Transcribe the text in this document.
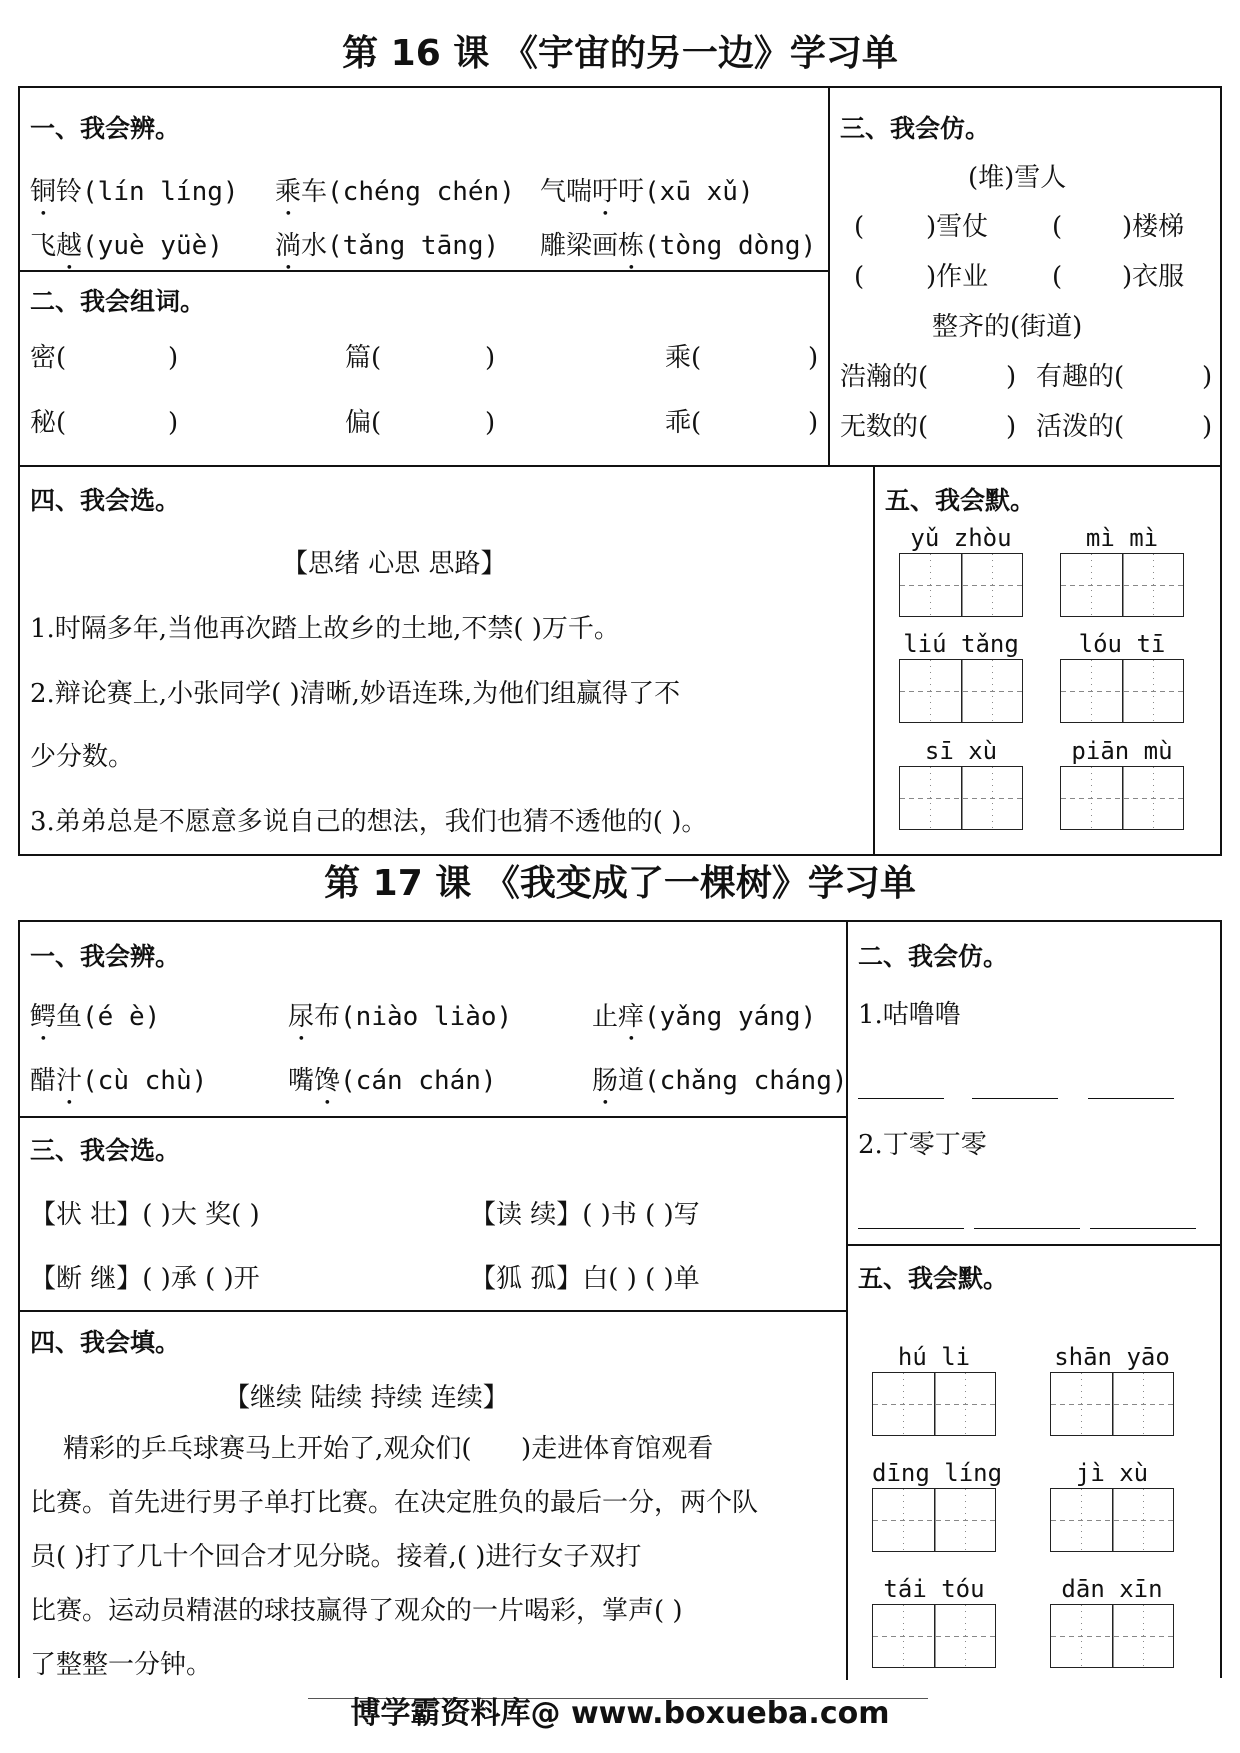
第 16 课 《宇宙的另一边》学习单
一、我会辨。
铜铃(lín líng) 乘车(chéng chén) 气喘吁吁(xū xǔ)
飞越(yuè yüè) 淌水(tǎng tāng) 雕梁画栋(tòng dòng)
二、我会组词。
密(	)	篇(	)	乘(	)
秘(	)	偏(	)	乖(	)
三、我会仿。
(堆)雪人
( )雪仗 ( )楼梯
( )作业 ( )衣服
整齐的(街道)
浩瀚的(	) 有趣的(	)
无数的(	) 活泼的(	)
四、我会选。
【思绪 心思 思路】
1.时隔多年,当他再次踏上故乡的土地,不禁( )万千。
2.辩论赛上,小张同学( )清晰,妙语连珠,为他们组赢得了不
少分数。
3.弟弟总是不愿意多说自己的想法，我们也猜不透他的( )。
五、我会默。
yǔ zhòu	mì mì
liú tǎng	lóu tī
sī xù	piān mù
第 17 课 《我变成了一棵树》学习单
一、我会辨。
鳄鱼(é è)	尿布(niào liào)	止痒(yǎng yáng)
醋汁(cù chù)	嘴馋(cán chán)	肠道(chǎng cháng)
三、我会选。
【状 壮】( )大 奖( )	【读 续】( )书 ( )写
【断 继】( )承 ( )开	【狐 孤】白( ) ( )单
四、我会填。
【继续 陆续 持续 连续】
精彩的乒乓球赛马上开始了,观众们(      )走进体育馆观看
比赛。首先进行男子单打比赛。在决定胜负的最后一分，两个队
员( )打了几十个回合才见分晓。接着,( )进行女子双打
比赛。运动员精湛的球技赢得了观众的一片喝彩，掌声( )
了整整一分钟。
二、我会仿。
1.咕噜噜
2.丁零丁零
五、我会默。
hú li	shān yāo
dīng líng	jì xù
tái tóu	dān xīn
博学霸资料库@ www.boxueba.com
